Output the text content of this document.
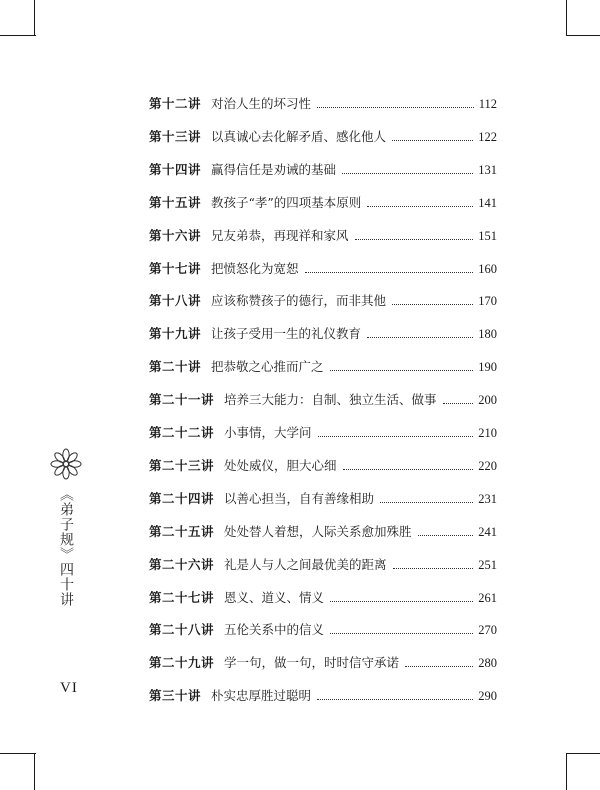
第十二讲 对治人生的坏习性	112
第十三讲 以真诚心去化解矛盾、感化他人	122
第十四讲 赢得信任是劝诫的基础	131
第十五讲 教孩子“孝”的四项基本原则	141
第十六讲 兄友弟恭，再现祥和家风	151
第十七讲 把愤怒化为宽恕	160
第十八讲 应该称赞孩子的德行，而非其他	170
第十九讲 让孩子受用一生的礼仪教育	180
第二十讲 把恭敬之心推而广之	190
第二十一讲 培养三大能力：自制、独立生活、做事	200
第二十二讲 小事情，大学问	210
第二十三讲 处处威仪，胆大心细	220
第二十四讲 以善心担当，自有善缘相助	231
第二十五讲 处处替人着想，人际关系愈加殊胜	241
第二十六讲 礼是人与人之间最优美的距离	251
第二十七讲 恩义、道义、情义	261
第二十八讲 五伦关系中的信义	270
第二十九讲 学一句，做一句，时时信守承诺	280
第三十讲 朴实忠厚胜过聪明	290
《弟子规》四十讲
VI
